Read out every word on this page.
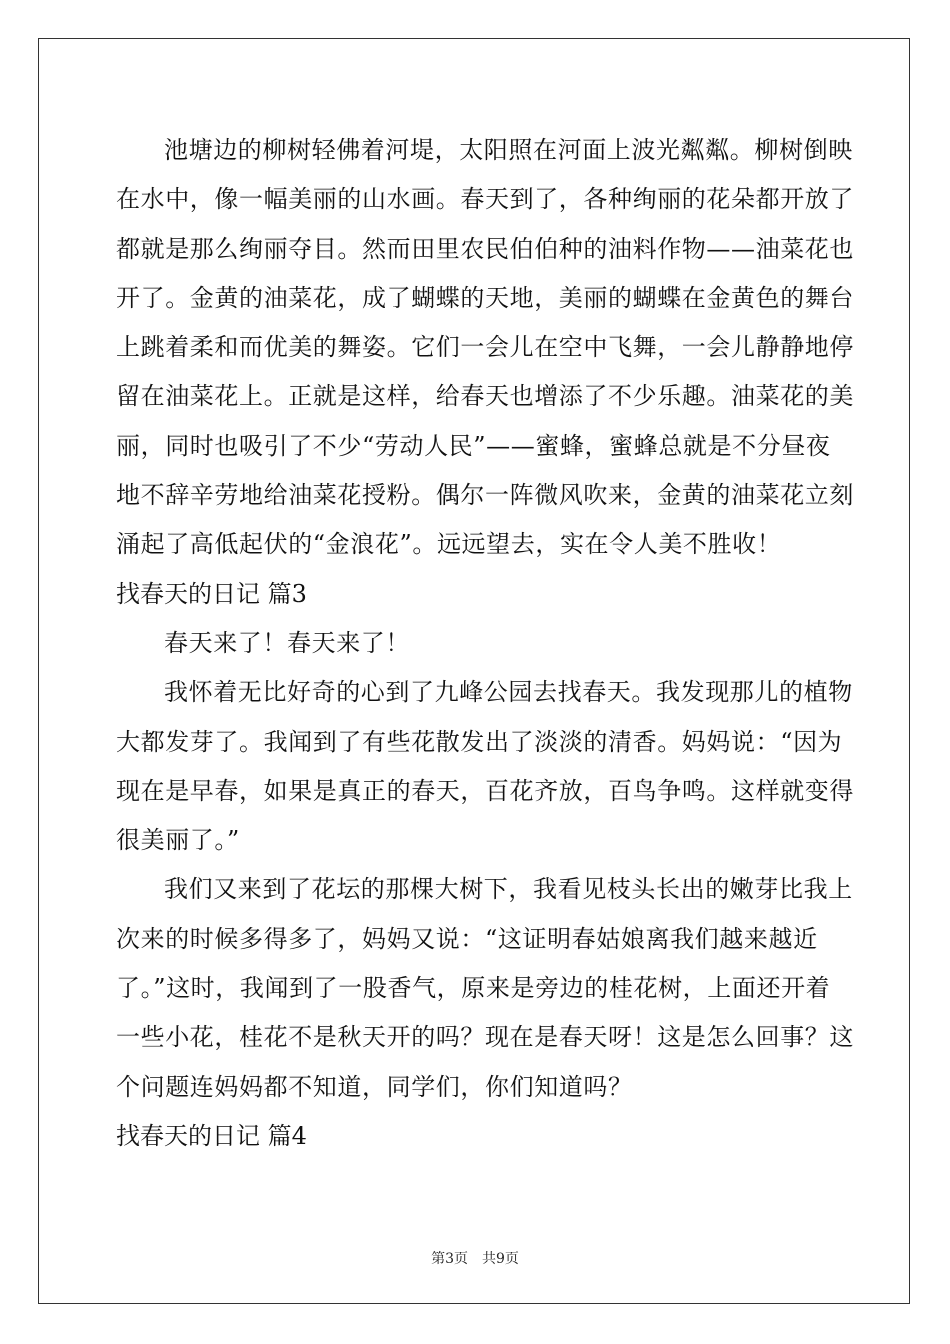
池塘边的柳树轻佛着河堤，太阳照在河面上波光粼粼。柳树倒映
在水中，像一幅美丽的山水画。春天到了，各种绚丽的花朵都开放了
都就是那么绚丽夺目。然而田里农民伯伯种的油料作物——油菜花也
开了。金黄的油菜花，成了蝴蝶的天地，美丽的蝴蝶在金黄色的舞台
上跳着柔和而优美的舞姿。它们一会儿在空中飞舞，一会儿静静地停
留在油菜花上。正就是这样，给春天也增添了不少乐趣。油菜花的美
丽，同时也吸引了不少“劳动人民”——蜜蜂，蜜蜂总就是不分昼夜
地不辞辛劳地给油菜花授粉。偶尔一阵微风吹来，金黄的油菜花立刻
涌起了高低起伏的“金浪花”。远远望去，实在令人美不胜收！
找春天的日记 篇3
春天来了！春天来了！
我怀着无比好奇的心到了九峰公园去找春天。我发现那儿的植物
大都发芽了。我闻到了有些花散发出了淡淡的清香。妈妈说：“因为
现在是早春，如果是真正的春天，百花齐放，百鸟争鸣。这样就变得
很美丽了。”
我们又来到了花坛的那棵大树下，我看见枝头长出的嫩芽比我上
次来的时候多得多了，妈妈又说：“这证明春姑娘离我们越来越近
了。”这时，我闻到了一股香气，原来是旁边的桂花树，上面还开着
一些小花，桂花不是秋天开的吗？现在是春天呀！这是怎么回事？这
个问题连妈妈都不知道，同学们，你们知道吗？
找春天的日记 篇4
第3页　共9页
